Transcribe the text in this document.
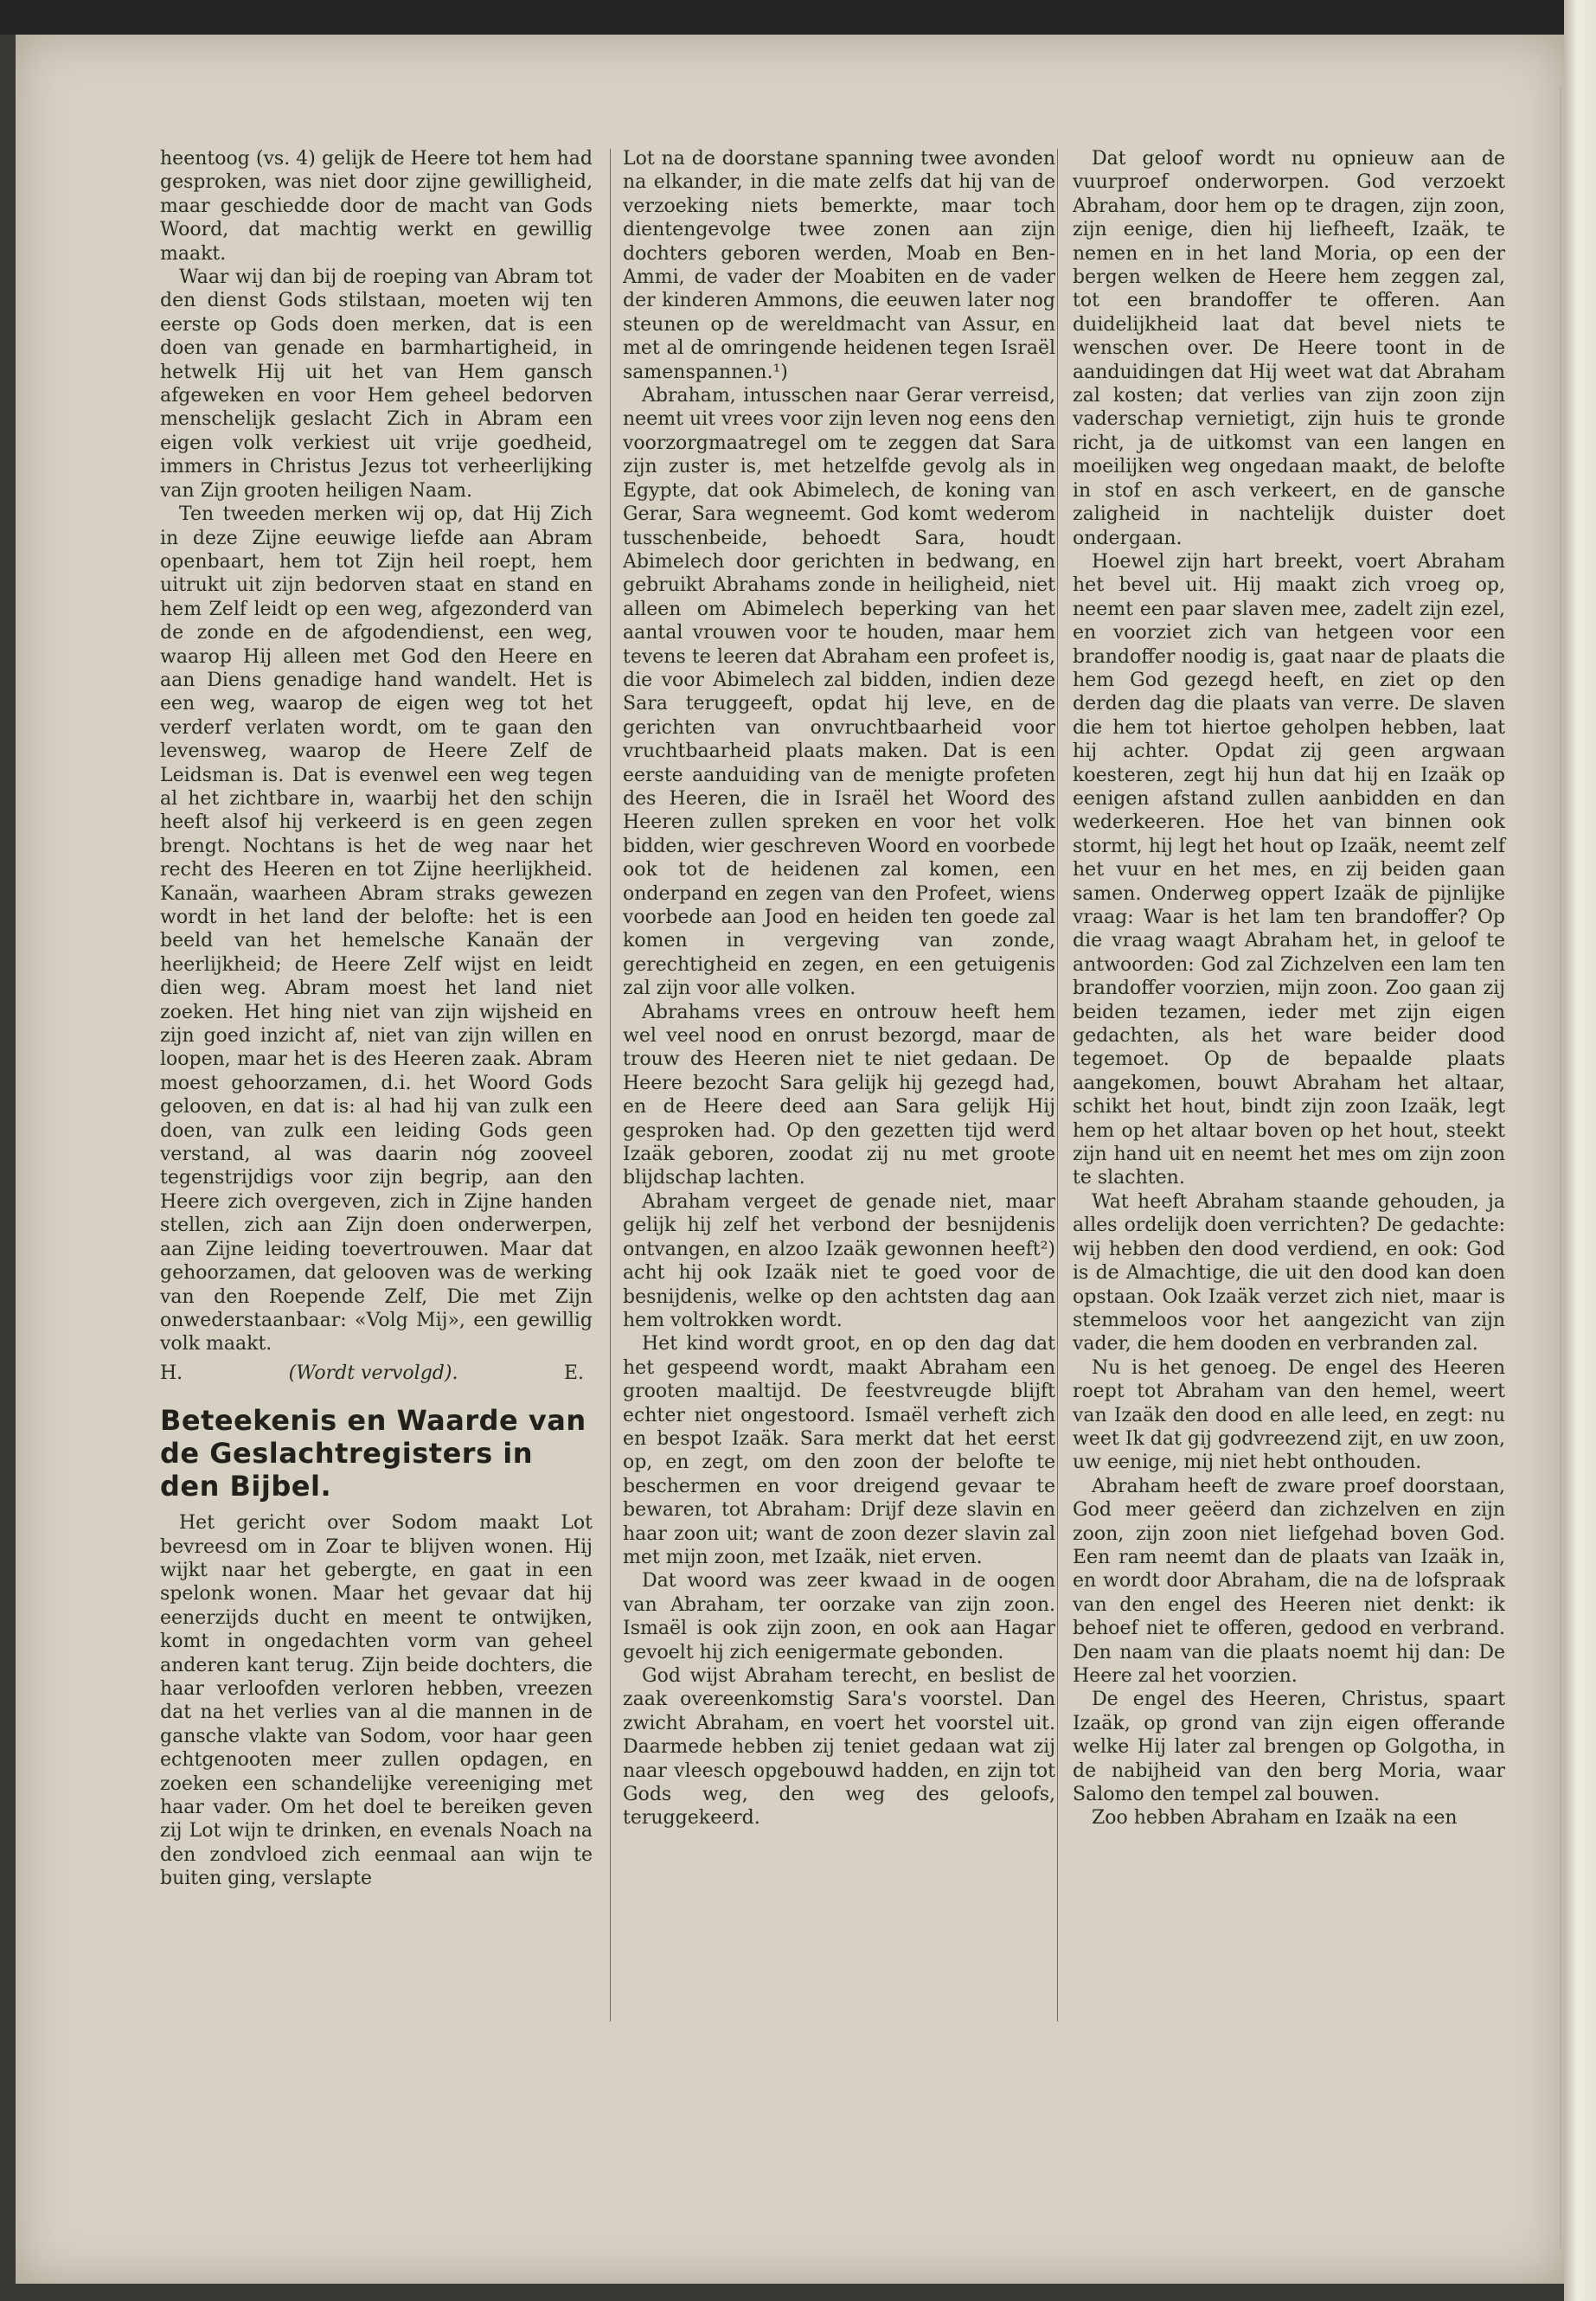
heentoog (vs. 4) gelijk de Heere tot hem had gesproken, was niet door zijne gewilligheid, maar geschiedde door de macht van Gods Woord, dat machtig werkt en gewillig maakt.

Waar wij dan bij de roeping van Abram tot den dienst Gods stilstaan, moeten wij ten eerste op Gods doen merken, dat is een doen van genade en barmhartigheid, in hetwelk Hij uit het van Hem gansch afgeweken en voor Hem geheel bedorven menschelijk geslacht Zich in Abram een eigen volk verkiest uit vrije goedheid, immers in Christus Jezus tot verheerlijking van Zijn grooten heiligen Naam.

Ten tweeden merken wij op, dat Hij Zich in deze Zijne eeuwige liefde aan Abram openbaart, hem tot Zijn heil roept, hem uitrukt uit zijn bedorven staat en stand en hem Zelf leidt op een weg, afgezonderd van de zonde en de afgodendienst, een weg, waarop Hij alleen met God den Heere en aan Diens genadige hand wandelt. Het is een weg, waarop de eigen weg tot het verderf verlaten wordt, om te gaan den levensweg, waarop de Heere Zelf de Leidsman is. Dat is evenwel een weg tegen al het zichtbare in, waarbij het den schijn heeft alsof hij verkeerd is en geen zegen brengt. Nochtans is het de weg naar het recht des Heeren en tot Zijne heerlijkheid. Kanaän, waarheen Abram straks gewezen wordt in het land der belofte: het is een beeld van het hemelsche Kanaän der heerlijkheid; de Heere Zelf wijst en leidt dien weg. Abram moest het land niet zoeken. Het hing niet van zijn wijsheid en zijn goed inzicht af, niet van zijn willen en loopen, maar het is des Heeren zaak. Abram moest gehoorzamen, d.i. het Woord Gods gelooven, en dat is: al had hij van zulk een doen, van zulk een leiding Gods geen verstand, al was daarin nóg zooveel tegenstrijdigs voor zijn begrip, aan den Heere zich overgeven, zich in Zijne handen stellen, zich aan Zijn doen onderwerpen, aan Zijne leiding toevertrouwen. Maar dat gehoorzamen, dat gelooven was de werking van den Roepende Zelf, Die met Zijn onwederstaanbaar: «Volg Mij», een gewillig volk maakt.

H.	(Wordt vervolgd).	E.
Beteekenis en Waarde van de Geslachtregisters in den Bijbel.

Het gericht over Sodom maakt Lot bevreesd om in Zoar te blijven wonen. Hij wijkt naar het gebergte, en gaat in een spelonk wonen. Maar het gevaar dat hij eenerzijds ducht en meent te ontwijken, komt in ongedachten vorm van geheel anderen kant terug. Zijn beide dochters, die haar verloofden verloren hebben, vreezen dat na het verlies van al die mannen in de gansche vlakte van Sodom, voor haar geen echtgenooten meer zullen opdagen, en zoeken een schandelijke vereeniging met haar vader. Om het doel te bereiken geven zij Lot wijn te drinken, en evenals Noach na den zondvloed zich eenmaal aan wijn te buiten ging, verslapte

Lot na de doorstane spanning twee avonden na elkander, in die mate zelfs dat hij van de verzoeking niets bemerkte, maar toch dientengevolge twee zonen aan zijn dochters geboren werden, Moab en Ben-Ammi, de vader der Moabiten en de vader der kinderen Ammons, die eeuwen later nog steunen op de wereldmacht van Assur, en met al de omringende heidenen tegen Israël samenspannen.¹)

Abraham, intusschen naar Gerar verreisd, neemt uit vrees voor zijn leven nog eens den voorzorgmaatregel om te zeggen dat Sara zijn zuster is, met hetzelfde gevolg als in Egypte, dat ook Abimelech, de koning van Gerar, Sara wegneemt. God komt wederom tusschenbeide, behoedt Sara, houdt Abimelech door gerichten in bedwang, en gebruikt Abrahams zonde in heiligheid, niet alleen om Abimelech beperking van het aantal vrouwen voor te houden, maar hem tevens te leeren dat Abraham een profeet is, die voor Abimelech zal bidden, indien deze Sara teruggeeft, opdat hij leve, en de gerichten van onvruchtbaarheid voor vruchtbaarheid plaats maken. Dat is een eerste aanduiding van de menigte profeten des Heeren, die in Israël het Woord des Heeren zullen spreken en voor het volk bidden, wier geschreven Woord en voorbede ook tot de heidenen zal komen, een onderpand en zegen van den Profeet, wiens voorbede aan Jood en heiden ten goede zal komen in vergeving van zonde, gerechtigheid en zegen, en een getuigenis zal zijn voor alle volken.

Abrahams vrees en ontrouw heeft hem wel veel nood en onrust bezorgd, maar de trouw des Heeren niet te niet gedaan. De Heere bezocht Sara gelijk hij gezegd had, en de Heere deed aan Sara gelijk Hij gesproken had. Op den gezetten tijd werd Izaäk geboren, zoodat zij nu met groote blijdschap lachten.

Abraham vergeet de genade niet, maar gelijk hij zelf het verbond der besnijdenis ontvangen, en alzoo Izaäk gewonnen heeft²) acht hij ook Izaäk niet te goed voor de besnijdenis, welke op den achtsten dag aan hem voltrokken wordt.

Het kind wordt groot, en op den dag dat het gespeend wordt, maakt Abraham een grooten maaltijd. De feestvreugde blijft echter niet ongestoord. Ismaël verheft zich en bespot Izaäk. Sara merkt dat het eerst op, en zegt, om den zoon der belofte te beschermen en voor dreigend gevaar te bewaren, tot Abraham: Drijf deze slavin en haar zoon uit; want de zoon dezer slavin zal met mijn zoon, met Izaäk, niet erven.

Dat woord was zeer kwaad in de oogen van Abraham, ter oorzake van zijn zoon. Ismaël is ook zijn zoon, en ook aan Hagar gevoelt hij zich eenigermate gebonden.

God wijst Abraham terecht, en beslist de zaak overeenkomstig Sara's voorstel. Dan zwicht Abraham, en voert het voorstel uit. Daarmede hebben zij teniet gedaan wat zij naar vleesch opgebouwd hadden, en zijn tot Gods weg, den weg des geloofs, teruggekeerd.

Dat geloof wordt nu opnieuw aan de vuurproef onderworpen. God verzoekt Abraham, door hem op te dragen, zijn zoon, zijn eenige, dien hij liefheeft, Izaäk, te nemen en in het land Moria, op een der bergen welken de Heere hem zeggen zal, tot een brandoffer te offeren. Aan duidelijkheid laat dat bevel niets te wenschen over. De Heere toont in de aanduidingen dat Hij weet wat dat Abraham zal kosten; dat verlies van zijn zoon zijn vaderschap vernietigt, zijn huis te gronde richt, ja de uitkomst van een langen en moeilijken weg ongedaan maakt, de belofte in stof en asch verkeert, en de gansche zaligheid in nachtelijk duister doet ondergaan.

Hoewel zijn hart breekt, voert Abraham het bevel uit. Hij maakt zich vroeg op, neemt een paar slaven mee, zadelt zijn ezel, en voorziet zich van hetgeen voor een brandoffer noodig is, gaat naar de plaats die hem God gezegd heeft, en ziet op den derden dag die plaats van verre. De slaven die hem tot hiertoe geholpen hebben, laat hij achter. Opdat zij geen argwaan koesteren, zegt hij hun dat hij en Izaäk op eenigen afstand zullen aanbidden en dan wederkeeren. Hoe het van binnen ook stormt, hij legt het hout op Izaäk, neemt zelf het vuur en het mes, en zij beiden gaan samen. Onderweg oppert Izaäk de pijnlijke vraag: Waar is het lam ten brandoffer? Op die vraag waagt Abraham het, in geloof te antwoorden: God zal Zichzelven een lam ten brandoffer voorzien, mijn zoon. Zoo gaan zij beiden tezamen, ieder met zijn eigen gedachten, als het ware beider dood tegemoet. Op de bepaalde plaats aangekomen, bouwt Abraham het altaar, schikt het hout, bindt zijn zoon Izaäk, legt hem op het altaar boven op het hout, steekt zijn hand uit en neemt het mes om zijn zoon te slachten.

Wat heeft Abraham staande gehouden, ja alles ordelijk doen verrichten? De gedachte: wij hebben den dood verdiend, en ook: God is de Almachtige, die uit den dood kan doen opstaan. Ook Izaäk verzet zich niet, maar is stemmeloos voor het aangezicht van zijn vader, die hem dooden en verbranden zal.

Nu is het genoeg. De engel des Heeren roept tot Abraham van den hemel, weert van Izaäk den dood en alle leed, en zegt: nu weet Ik dat gij godvreezend zijt, en uw zoon, uw eenige, mij niet hebt onthouden.

Abraham heeft de zware proef doorstaan, God meer geëerd dan zichzelven en zijn zoon, zijn zoon niet liefgehad boven God. Een ram neemt dan de plaats van Izaäk in, en wordt door Abraham, die na de lofspraak van den engel des Heeren niet denkt: ik behoef niet te offeren, gedood en verbrand. Den naam van die plaats noemt hij dan: De Heere zal het voorzien.

De engel des Heeren, Christus, spaart Izaäk, op grond van zijn eigen offerande welke Hij later zal brengen op Golgotha, in de nabijheid van den berg Moria, waar Salomo den tempel zal bouwen.

Zoo hebben Abraham en Izaäk na een
